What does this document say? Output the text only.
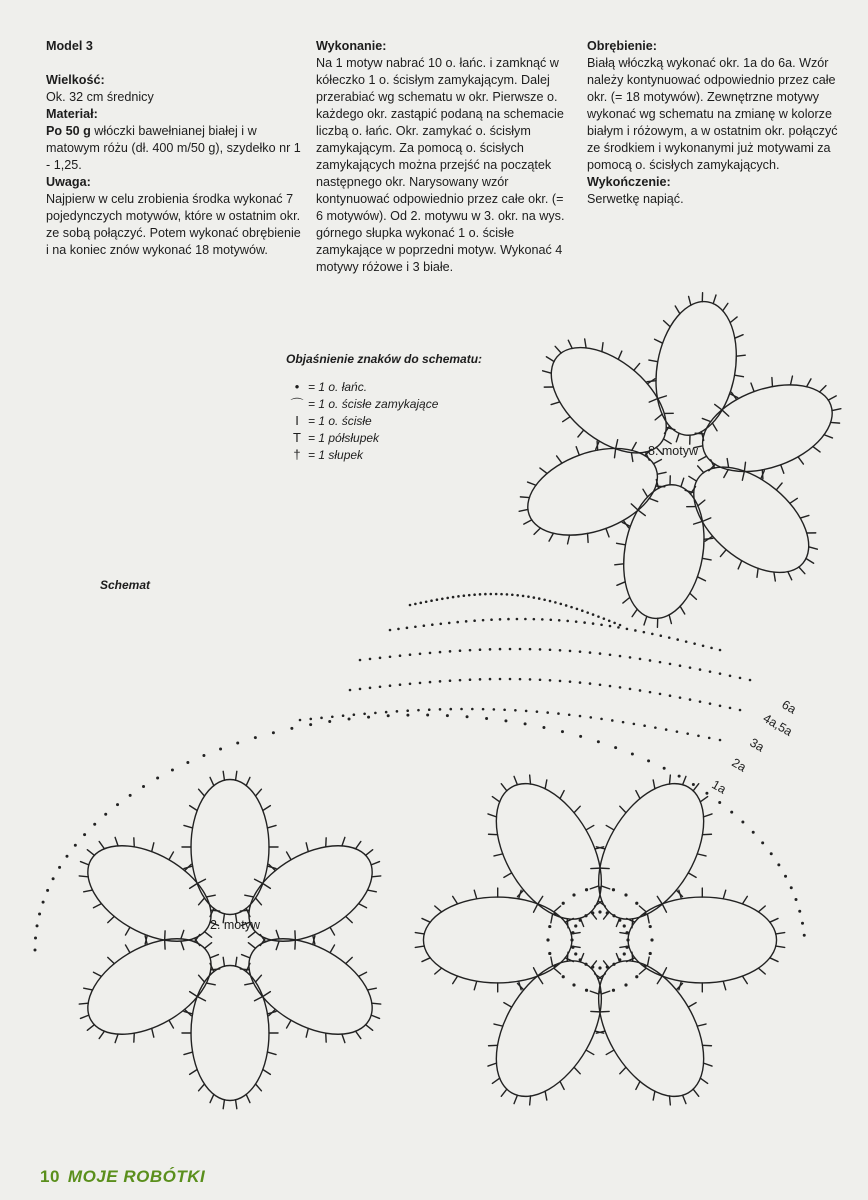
Model 3

Wielkość:

Ok. 32 cm średnicy

Materiał:

Po 50 g włóczki bawełnianej białej i w matowym różu (dł. 400 m/50 g), szydełko nr 1 - 1,25.

Uwaga:

Najpierw w celu zrobienia środka wykonać 7 pojedynczych motywów, które w ostatnim okr. ze sobą połączyć. Potem wykonać obrębienie i na koniec znów wykonać 18 motywów.

Wykonanie:

Na 1 motyw nabrać 10 o. łańc. i zamknąć w kółeczko 1 o. ścisłym zamykającym. Dalej przerabiać wg schematu w okr. Pierwsze o. każdego okr. zastąpić podaną na schemacie liczbą o. łańc. Okr. zamykać o. ścisłym zamykającym. Za pomocą o. ścisłych zamykających można przejść na początek następnego okr. Narysowany wzór kontynuować odpowiednio przez całe okr. (= 6 motywów). Od 2. motywu w 3. okr. na wys. górnego słupka wykonać 1 o. ścisłe zamykające w poprzedni motyw. Wykonać 4 motywy różowe i 3 białe.

Obrębienie:

Białą włóczką wykonać okr. 1a do 6a. Wzór należy kontynuować odpowiednio przez całe okr. (= 18 motywów). Zewnętrzne motywy wykonać wg schematu na zmianę w kolorze białym i różowym, a w ostatnim okr. połączyć ze środkiem i wykonanymi już motywami za pomocą o. ścisłych zamykających.

Wykończenie:

Serwetkę napiąć.

Objaśnienie znaków do schematu:
• = 1 o. łańc.
⌒ = 1 o. ścisłe zamykające
I = 1 o. ścisłe
T = 1 półsłupek
† = 1 słupek
Schemat
2. motyw
8. motyw
6a
4a,5a
3a
2a
1a
10 MOJE ROBÓTKI
